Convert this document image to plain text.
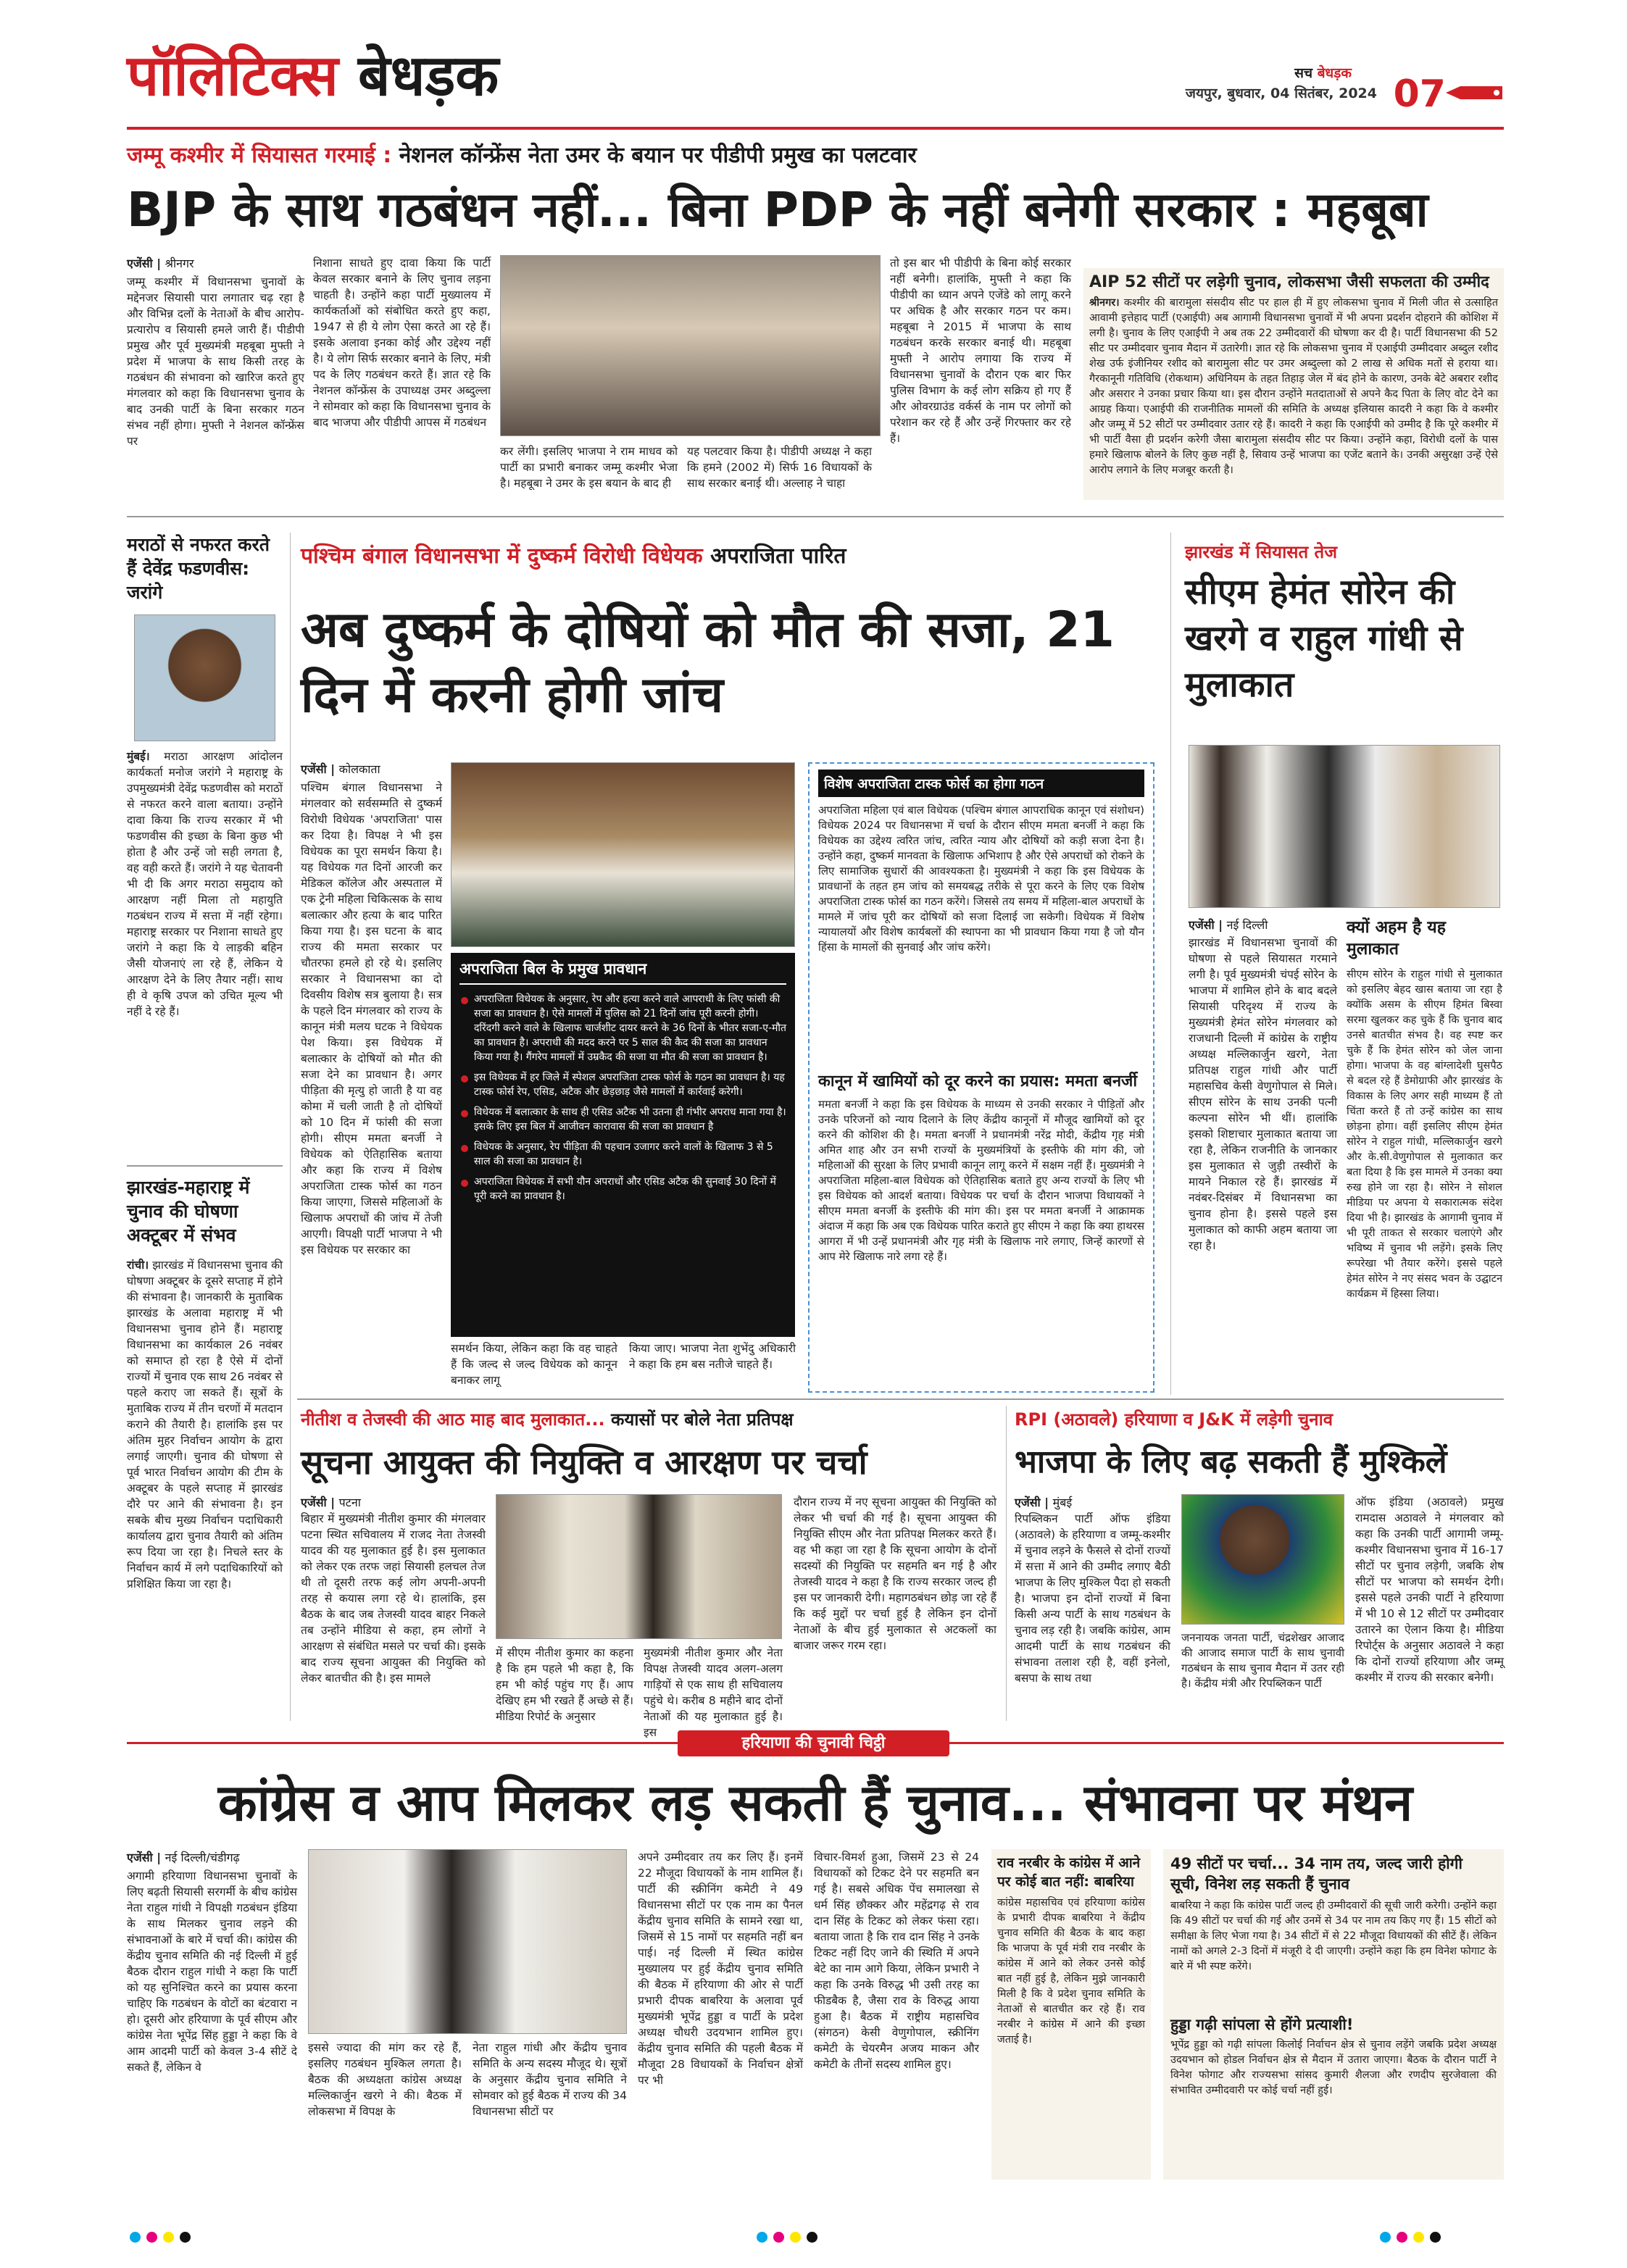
पॉलिटिक्स बेधड़क	सच बेधड़क
जयपुर, बुधवार, 04 सितंबर, 2024 07
जम्मू कश्मीर में सियासत गरमाई : नेशनल कॉन्फ्रेंस नेता उमर के बयान पर पीडीपी प्रमुख का पलटवार
BJP के साथ गठबंधन नहीं... बिना PDP के नहीं बनेगी सरकार : महबूबा
एजेंसी | श्रीनगर
जम्मू कश्मीर में विधानसभा चुनावों के मद्देनजर सियासी पारा लगातार चढ़ रहा है और विभिन्न दलों के नेताओं के बीच आरोप-प्रत्यारोप व सियासी हमले जारी हैं। पीडीपी प्रमुख और पूर्व मुख्यमंत्री महबूबा मुफ्ती ने प्रदेश में भाजपा के साथ किसी तरह के गठबंधन की संभावना को खारिज करते हुए मंगलवार को कहा कि विधानसभा चुनाव के बाद उनकी पार्टी के बिना सरकार गठन संभव नहीं होगा। मुफ्ती ने नेशनल कॉन्फ्रेंस पर
निशाना साधते हुए दावा किया कि पार्टी केवल सरकार बनाने के लिए चुनाव लड़ना चाहती है। उन्होंने कहा पार्टी मुख्यालय में कार्यकर्ताओं को संबोधित करते हुए कहा, 1947 से ही ये लोग ऐसा करते आ रहे हैं। इसके अलावा इनका कोई और उद्देश्य नहीं है। ये लोग सिर्फ सरकार बनाने के लिए, मंत्री पद के लिए गठबंधन करते हैं। ज्ञात रहे कि नेशनल कॉन्फ्रेंस के उपाध्यक्ष उमर अब्दुल्ला ने सोमवार को कहा कि विधानसभा चुनाव के बाद भाजपा और पीडीपी आपस में गठबंधन
कर लेंगी। इसलिए भाजपा ने राम माधव को पार्टी का प्रभारी बनाकर जम्मू कश्मीर भेजा है। महबूबा ने उमर के इस बयान के बाद ही
यह पलटवार किया है। पीडीपी अध्यक्ष ने कहा कि हमने (2002 में) सिर्फ 16 विधायकों के साथ सरकार बनाई थी। अल्लाह ने चाहा
तो इस बार भी पीडीपी के बिना कोई सरकार नहीं बनेगी। हालांकि, मुफ्ती ने कहा कि पीडीपी का ध्यान अपने एजेंडे को लागू करने पर अधिक है और सरकार गठन पर कम। महबूबा ने 2015 में भाजपा के साथ गठबंधन करके सरकार बनाई थी। महबूबा मुफ्ती ने आरोप लगाया कि राज्य में विधानसभा चुनावों के दौरान एक बार फिर पुलिस विभाग के कई लोग सक्रिय हो गए हैं और ओवरग्राउंड वर्कर्स के नाम पर लोगों को परेशान कर रहे हैं और उन्हें गिरफ्तार कर रहे हैं।
AIP 52 सीटों पर लड़ेगी चुनाव, लोकसभा जैसी सफलता की उम्मीद
श्रीनगर। कश्मीर की बारामुला संसदीय सीट पर हाल ही में हुए लोकसभा चुनाव में मिली जीत से उत्साहित आवामी इत्तेहाद पार्टी (एआईपी) अब आगामी विधानसभा चुनावों में भी अपना प्रदर्शन दोहराने की कोशिश में लगी है। चुनाव के लिए एआईपी ने अब तक 22 उम्मीदवारों की घोषणा कर दी है। पार्टी विधानसभा की 52 सीट पर उम्मीदवार चुनाव मैदान में उतारेगी। ज्ञात रहे कि लोकसभा चुनाव में एआईपी उम्मीदवार अब्दुल रशीद शेख उर्फ इंजीनियर रशीद को बारामुला सीट पर उमर अब्दुल्ला को 2 लाख से अधिक मतों से हराया था। गैरकानूनी गतिविधि (रोकथाम) अधिनियम के तहत तिहाड़ जेल में बंद होने के कारण, उनके बेटे अबरार रशीद और असरार ने उनका प्रचार किया था। इस दौरान उन्होंने मतदाताओं से अपने कैद पिता के लिए वोट देने का आग्रह किया। एआईपी की राजनीतिक मामलों की समिति के अध्यक्ष इलियास कादरी ने कहा कि वे कश्मीर और जम्मू में 52 सीटों पर उम्मीदवार उतार रहे हैं। कादरी ने कहा कि एआईपी को उम्मीद है कि पूरे कश्मीर में भी पार्टी वैसा ही प्रदर्शन करेगी जैसा बारामुला संसदीय सीट पर किया। उन्होंने कहा, विरोधी दलों के पास हमारे खिलाफ बोलने के लिए कुछ नहीं है, सिवाय उन्हें भाजपा का एजेंट बताने के। उनकी असुरक्षा उन्हें ऐसे आरोप लगाने के लिए मजबूर करती है।
मराठों से नफरत करते हैं देवेंद्र फडणवीस: जरांगे
मुंबई। मराठा आरक्षण आंदोलन कार्यकर्ता मनोज जरांगे ने महाराष्ट्र के उपमुख्यमंत्री देवेंद्र फडणवीस को मराठों से नफरत करने वाला बताया। उन्होंने दावा किया कि राज्य सरकार में भी फडणवीस की इच्छा के बिना कुछ भी होता है और उन्हें जो सही लगता है, वह वही करते हैं। जरांगे ने यह चेतावनी भी दी कि अगर मराठा समुदाय को आरक्षण नहीं मिला तो महायुति गठबंधन राज्य में सत्ता में नहीं रहेगा। महाराष्ट्र सरकार पर निशाना साधते हुए जरांगे ने कहा कि ये लाड़की बहिन जैसी योजनाएं ला रहे हैं, लेकिन ये आरक्षण देने के लिए तैयार नहीं। साथ ही वे कृषि उपज को उचित मूल्य भी नहीं दे रहे हैं।
झारखंड-महाराष्ट्र में चुनाव की घोषणा अक्टूबर में संभव
रांची। झारखंड में विधानसभा चुनाव की घोषणा अक्टूबर के दूसरे सप्ताह में होने की संभावना है। जानकारी के मुताबिक झारखंड के अलावा महाराष्ट्र में भी विधानसभा चुनाव होने हैं। महाराष्ट्र विधानसभा का कार्यकाल 26 नवंबर को समाप्त हो रहा है ऐसे में दोनों राज्यों में चुनाव एक साथ 26 नवंबर से पहले कराए जा सकते हैं। सूत्रों के मुताबिक राज्य में तीन चरणों में मतदान कराने की तैयारी है। हालांकि इस पर अंतिम मुहर निर्वाचन आयोग के द्वारा लगाई जाएगी। चुनाव की घोषणा से पूर्व भारत निर्वाचन आयोग की टीम के अक्टूबर के पहले सप्ताह में झारखंड दौरे पर आने की संभावना है। इन सबके बीच मुख्य निर्वाचन पदाधिकारी कार्यालय द्वारा चुनाव तैयारी को अंतिम रूप दिया जा रहा है। निचले स्तर के निर्वाचन कार्य में लगे पदाधिकारियों को प्रशिक्षित किया जा रहा है।
पश्चिम बंगाल विधानसभा में दुष्कर्म विरोधी विधेयक अपराजिता पारित
अब दुष्कर्म के दोषियों को मौत की सजा, 21 दिन में करनी होगी जांच
एजेंसी | कोलकाता
पश्चिम बंगाल विधानसभा ने मंगलवार को सर्वसम्मति से दुष्कर्म विरोधी विधेयक 'अपराजिता' पास कर दिया है। विपक्ष ने भी इस विधेयक का पूरा समर्थन किया है। यह विधेयक गत दिनों आरजी कर मेडिकल कॉलेज और अस्पताल में एक ट्रेनी महिला चिकित्सक के साथ बलात्कार और हत्या के बाद पारित किया गया है। इस घटना के बाद राज्य की ममता सरकार पर चौतरफा हमले हो रहे थे। इसलिए सरकार ने विधानसभा का दो दिवसीय विशेष सत्र बुलाया है। सत्र के पहले दिन मंगलवार को राज्य के कानून मंत्री मलय घटक ने विधेयक पेश किया। इस विधेयक में बलात्कार के दोषियों को मौत की सजा देने का प्रावधान है। अगर पीड़िता की मृत्यु हो जाती है या वह कोमा में चली जाती है तो दोषियों को 10 दिन में फांसी की सजा होगी। सीएम ममता बनर्जी ने विधेयक को ऐतिहासिक बताया और कहा कि राज्य में विशेष अपराजिता टास्क फोर्स का गठन किया जाएगा, जिससे महिलाओं के खिलाफ अपराधों की जांच में तेजी आएगी। विपक्षी पार्टी भाजपा ने भी इस विधेयक पर सरकार का
अपराजिता बिल के प्रमुख प्रावधान
अपराजिता विधेयक के अनुसार, रेप और हत्या करने वाले आपराधी के लिए फांसी की सजा का प्रावधान है। ऐसे मामलों में पुलिस को 21 दिनों जांच पूरी करनी होगी। दरिंदगी करने वाले के खिलाफ चार्जशीट दायर करने के 36 दिनों के भीतर सजा-ए-मौत का प्रावधान है। अपराधी की मदद करने पर 5 साल की कैद की सजा का प्रावधान किया गया है। गैंगरेप मामलों में उम्रकैद की सजा या मौत की सजा का प्रावधान है।
इस विधेयक में हर जिले में स्पेशल अपराजिता टास्क फोर्स के गठन का प्रावधान है। यह टास्क फोर्स रेप, एसिड, अटैक और छेड़छाड़ जैसे मामलों में कार्रवाई करेगी।
विधेयक में बलात्कार के साथ ही एसिड अटैक भी उतना ही गंभीर अपराध माना गया है। इसके लिए इस बिल में आजीवन कारावास की सजा का प्रावधान है
विधेयक के अनुसार, रेप पीड़िता की पहचान उजागर करने वालों के खिलाफ 3 से 5 साल की सजा का प्रावधान है।
अपराजिता विधेयक में सभी यौन अपराधों और एसिड अटैक की सुनवाई 30 दिनों में पूरी करने का प्रावधान है।
समर्थन किया, लेकिन कहा कि वह चाहते हैं कि जल्द से जल्द विधेयक को कानून बनाकर लागू
किया जाए। भाजपा नेता शुभेंदु अधिकारी ने कहा कि हम बस नतीजे चाहते हैं।
विशेष अपराजिता टास्क फोर्स का होगा गठन
अपराजिता महिला एवं बाल विधेयक (पश्चिम बंगाल आपराधिक कानून एवं संशोधन) विधेयक 2024 पर विधानसभा में चर्चा के दौरान सीएम ममता बनर्जी ने कहा कि विधेयक का उद्देश्य त्वरित जांच, त्वरित न्याय और दोषियों को कड़ी सजा देना है। उन्होंने कहा, दुष्कर्म मानवता के खिलाफ अभिशाप है और ऐसे अपराधों को रोकने के लिए सामाजिक सुधारों की आवश्यकता है। मुख्यमंत्री ने कहा कि इस विधेयक के प्रावधानों के तहत हम जांच को समयबद्ध तरीके से पूरा करने के लिए एक विशेष अपराजिता टास्क फोर्स का गठन करेंगे। जिससे तय समय में महिला-बाल अपराधों के मामले में जांच पूरी कर दोषियों को सजा दिलाई जा सकेगी। विधेयक में विशेष न्यायालयों और विशेष कार्यबलों की स्थापना का भी प्रावधान किया गया है जो यौन हिंसा के मामलों की सुनवाई और जांच करेंगे।
कानून में खामियों को दूर करने का प्रयास: ममता बनर्जी
ममता बनर्जी ने कहा कि इस विधेयक के माध्यम से उनकी सरकार ने पीड़ितों और उनके परिजनों को न्याय दिलाने के लिए केंद्रीय कानूनों में मौजूद खामियों को दूर करने की कोशिश की है। ममता बनर्जी ने प्रधानमंत्री नरेंद्र मोदी, केंद्रीय गृह मंत्री अमित शाह और उन सभी राज्यों के मुख्यमंत्रियों के इस्तीफे की मांग की, जो महिलाओं की सुरक्षा के लिए प्रभावी कानून लागू करने में सक्षम नहीं हैं। मुख्यमंत्री ने अपराजिता महिला-बाल विधेयक को ऐतिहासिक बताते हुए अन्य राज्यों के लिए भी इस विधेयक को आदर्श बताया। विधेयक पर चर्चा के दौरान भाजपा विधायकों ने सीएम ममता बनर्जी के इस्तीफे की मांग की। इस पर ममता बनर्जी ने आक्रामक अंदाज में कहा कि अब एक विधेयक पारित कराते हुए सीएम ने कहा कि क्या हाथरस आगरा में भी उन्हें प्रधानमंत्री और गृह मंत्री के खिलाफ नारे लगाए, जिन्हें कारणों से आप मेरे खिलाफ नारे लगा रहे हैं।
झारखंड में सियासत तेज
सीएम हेमंत सोरेन की खरगे व राहुल गांधी से मुलाकात
एजेंसी | नई दिल्ली
झारखंड में विधानसभा चुनावों की घोषणा से पहले सियासत गरमाने लगी है। पूर्व मुख्यमंत्री चंपई सोरेन के भाजपा में शामिल होने के बाद बदले सियासी परिदृश्य में राज्य के मुख्यमंत्री हेमंत सोरेन मंगलवार को राजधानी दिल्ली में कांग्रेस के राष्ट्रीय अध्यक्ष मल्लिकार्जुन खरगे, नेता प्रतिपक्ष राहुल गांधी और पार्टी महासचिव केसी वेणुगोपाल से मिले। सीएम सोरेन के साथ उनकी पत्नी कल्पना सोरेन भी थीं। हालांकि इसको शिष्टाचार मुलाकात बताया जा रहा है, लेकिन राजनीति के जानकार इस मुलाकात से जुड़ी तस्वीरों के मायने निकाल रहे हैं। झारखंड में नवंबर-दिसंबर में विधानसभा का चुनाव होना है। इससे पहले इस मुलाकात को काफी अहम बताया जा रहा है।
क्यों अहम है यह मुलाकात
सीएम सोरेन के राहुल गांधी से मुलाकात को इसलिए बेहद खास बताया जा रहा है क्योंकि असम के सीएम हिमंत बिस्वा सरमा खुलकर कह चुके हैं कि चुनाव बाद उनसे बातचीत संभव है। वह स्पष्ट कर चुके हैं कि हेमंत सोरेन को जेल जाना होगा। भाजपा के वह बांग्लादेशी घुसपैठ से बदल रहे हैं डेमोग्राफी और झारखंड के विकास के लिए अगर सही माध्यम हैं तो चिंता करते हैं तो उन्हें कांग्रेस का साथ छोड़ना होगा। वहीं इसलिए सीएम हेमंत सोरेन ने राहुल गांधी, मल्लिकार्जुन खरगे और के.सी.वेणुगोपाल से मुलाकात कर बता दिया है कि इस मामले में उनका क्या रुख होने जा रहा है। सोरेन ने सोशल मीडिया पर अपना ये सकारात्मक संदेश दिया भी है। झारखंड के आगामी चुनाव में भी पूरी ताकत से सरकार चलाएंगे और भविष्य में चुनाव भी लड़ेंगे। इसके लिए रूपरेखा भी तैयार करेंगे। इससे पहले हेमंत सोरेन ने नए संसद भवन के उद्घाटन कार्यक्रम में हिस्सा लिया।
नीतीश व तेजस्वी की आठ माह बाद मुलाकात... कयासों पर बोले नेता प्रतिपक्ष
सूचना आयुक्त की नियुक्ति व आरक्षण पर चर्चा
एजेंसी | पटना
बिहार में मुख्यमंत्री नीतीश कुमार की मंगलवार पटना स्थित सचिवालय में राजद नेता तेजस्वी यादव की यह मुलाकात हुई है। इस मुलाकात को लेकर एक तरफ जहां सियासी हलचल तेज थी तो दूसरी तरफ कई लोग अपनी-अपनी तरह से कयास लगा रहे थे। हालांकि, इस बैठक के बाद जब तेजस्वी यादव बाहर निकले तब उन्होंने मीडिया से कहा, हम लोगों ने आरक्षण से संबंधित मसले पर चर्चा की। इसके बाद राज्य सूचना आयुक्त की नियुक्ति को लेकर बातचीत की है। इस मामले
में सीएम नीतीश कुमार का कहना है कि हम पहले भी कहा है, कि हम भी कोई पहुंच गए हैं। आप देखिए हम भी रखते हैं अच्छे से हैं। मीडिया रिपोर्ट के अनुसार
मुख्यमंत्री नीतीश कुमार और नेता विपक्ष तेजस्वी यादव अलग-अलग गाड़ियों से एक साथ ही सचिवालय पहुंचे थे। करीब 8 महीने बाद दोनों नेताओं की यह मुलाकात हुई है। इस
दौरान राज्य में नए सूचना आयुक्त की नियुक्ति को लेकर भी चर्चा की गई है। सूचना आयुक्त की नियुक्ति सीएम और नेता प्रतिपक्ष मिलकर करते हैं। वह भी कहा जा रहा है कि सूचना आयोग के दोनों सदस्यों की नियुक्ति पर सहमति बन गई है और तेजस्वी यादव ने कहा है कि राज्य सरकार जल्द ही इस पर जानकारी देगी। महागठबंधन छोड़ जा रहे हैं कि कई मुद्दों पर चर्चा हुई है लेकिन इन दोनों नेताओं के बीच हुई मुलाकात से अटकलों का बाजार जरूर गरम रहा।
RPI (अठावले) हरियाणा व J&K में लड़ेगी चुनाव
भाजपा के लिए बढ़ सकती हैं मुश्किलें
एजेंसी | मुंबई
रिपब्लिकन पार्टी ऑफ इंडिया (अठावले) के हरियाणा व जम्मू-कश्मीर में चुनाव लड़ने के फैसले से दोनों राज्यों में सत्ता में आने की उम्मीद लगाए बैठी भाजपा के लिए मुश्किल पैदा हो सकती है। भाजपा इन दोनों राज्यों में बिना किसी अन्य पार्टी के साथ गठबंधन के चुनाव लड़ रही है। जबकि कांग्रेस, आम आदमी पार्टी के साथ गठबंधन की संभावना तलाश रही है, वहीं इनेलो, बसपा के साथ तथा
जननायक जनता पार्टी, चंद्रशेखर आजाद की आजाद समाज पार्टी के साथ चुनावी गठबंधन के साथ चुनाव मैदान में उतर रही है। केंद्रीय मंत्री और रिपब्लिकन पार्टी
ऑफ इंडिया (अठावले) प्रमुख रामदास अठावले ने मंगलवार को कहा कि उनकी पार्टी आगामी जम्मू-कश्मीर विधानसभा चुनाव में 16-17 सीटों पर चुनाव लड़ेगी, जबकि शेष सीटों पर भाजपा को समर्थन देगी। इससे पहले उनकी पार्टी ने हरियाणा में भी 10 से 12 सीटों पर उम्मीदवार उतारने का ऐलान किया है। मीडिया रिपोर्ट्स के अनुसार अठावले ने कहा कि दोनों राज्यों हरियाणा और जम्मू कश्मीर में राज्य की सरकार बनेगी।
हरियाणा की चुनावी चिट्ठी
कांग्रेस व आप मिलकर लड़ सकती हैं चुनाव... संभावना पर मंथन
एजेंसी | नई दिल्ली/चंडीगढ़
अगामी हरियाणा विधानसभा चुनावों के लिए बढ़ती सियासी सरगर्मी के बीच कांग्रेस नेता राहुल गांधी ने विपक्षी गठबंधन इंडिया के साथ मिलकर चुनाव लड़ने की संभावनाओं के बारे में चर्चा की। कांग्रेस की केंद्रीय चुनाव समिति की नई दिल्ली में हुई बैठक दौरान राहुल गांधी ने कहा कि पार्टी को यह सुनिश्चित करने का प्रयास करना चाहिए कि गठबंधन के वोटों का बंटवारा न हो। दूसरी ओर हरियाणा के पूर्व सीएम और कांग्रेस नेता भूपेंद्र सिंह हुड्डा ने कहा कि वे आम आदमी पार्टी को केवल 3-4 सीटें दे सकते हैं, लेकिन वे
इससे ज्यादा की मांग कर रहे हैं, इसलिए गठबंधन मुश्किल लगता है। बैठक की अध्यक्षता कांग्रेस अध्यक्ष मल्लिकार्जुन खरगे ने की। बैठक में लोकसभा में विपक्ष के
नेता राहुल गांधी और केंद्रीय चुनाव समिति के अन्य सदस्य मौजूद थे। सूत्रों के अनुसार केंद्रीय चुनाव समिति ने सोमवार को हुई बैठक में राज्य की 34 विधानसभा सीटों पर
अपने उम्मीदवार तय कर लिए हैं। इनमें 22 मौजूदा विधायकों के नाम शामिल हैं। पार्टी की स्क्रीनिंग कमेटी ने 49 विधानसभा सीटों पर एक नाम का पैनल केंद्रीय चुनाव समिति के सामने रखा था, जिसमें से 15 नामों पर सहमति नहीं बन पाई। नई दिल्ली में स्थित कांग्रेस मुख्यालय पर हुई केंद्रीय चुनाव समिति की बैठक में हरियाणा की ओर से पार्टी प्रभारी दीपक बाबरिया के अलावा पूर्व मुख्यमंत्री भूपेंद्र हुड्डा व पार्टी के प्रदेश अध्यक्ष चौधरी उदयभान शामिल हुए। केंद्रीय चुनाव समिति की पहली बैठक में मौजूदा 28 विधायकों के निर्वाचन क्षेत्रों पर भी
विचार-विमर्श हुआ, जिसमें 23 से 24 विधायकों को टिकट देने पर सहमति बन गई है। सबसे अधिक पेंच समालखा से धर्म सिंह छौक्कर और महेंद्रगढ़ से राव दान सिंह के टिकट को लेकर फंसा रहा। बताया जाता है कि राव दान सिंह ने उनके टिकट नहीं दिए जाने की स्थिति में अपने बेटे का नाम आगे किया, लेकिन प्रभारी ने कहा कि उनके विरुद्ध भी उसी तरह का फीडबैक है, जैसा राव के विरुद्ध आया हुआ है। बैठक में राष्ट्रीय महासचिव (संगठन) केसी वेणुगोपाल, स्क्रीनिंग कमेटी के चेयरमैन अजय माकन और कमेटी के तीनों सदस्य शामिल हुए।
राव नरबीर के कांग्रेस में आने पर कोई बात नहीं: बाबरिया
कांग्रेस महासचिव एवं हरियाणा कांग्रेस के प्रभारी दीपक बाबरिया ने केंद्रीय चुनाव समिति की बैठक के बाद कहा कि भाजपा के पूर्व मंत्री राव नरबीर के कांग्रेस में आने को लेकर उनसे कोई बात नहीं हुई है, लेकिन मुझे जानकारी मिली है कि वे प्रदेश चुनाव समिति के नेताओं से बातचीत कर रहे हैं। राव नरबीर ने कांग्रेस में आने की इच्छा जताई है।
49 सीटों पर चर्चा... 34 नाम तय, जल्द जारी होगी सूची, विनेश लड़ सकती हैं चुनाव
बाबरिया ने कहा कि कांग्रेस पार्टी जल्द ही उम्मीदवारों की सूची जारी करेगी। उन्होंने कहा कि 49 सीटों पर चर्चा की गई और उनमें से 34 पर नाम तय किए गए हैं। 15 सीटों को समीक्षा के लिए भेजा गया है। 34 सीटों में से 22 मौजूदा विधायकों की सीटें हैं। लेकिन नामों को अगले 2-3 दिनों में मंजूरी दे दी जाएगी। उन्होंने कहा कि हम विनेश फोगाट के बारे में भी स्पष्ट करेंगे।
हुड्डा गढ़ी सांपला से होंगे प्रत्याशी!
भूपेंद्र हुड्डा को गढ़ी सांपला किलोई निर्वाचन क्षेत्र से चुनाव लड़ेंगे जबकि प्रदेश अध्यक्ष उदयभान को होडल निर्वाचन क्षेत्र से मैदान में उतारा जाएगा। बैठक के दौरान पार्टी ने विनेश फोगाट और राज्यसभा सांसद कुमारी शैलजा और रणदीप सुरजेवाला की संभावित उम्मीदवारी पर कोई चर्चा नहीं हुई।
